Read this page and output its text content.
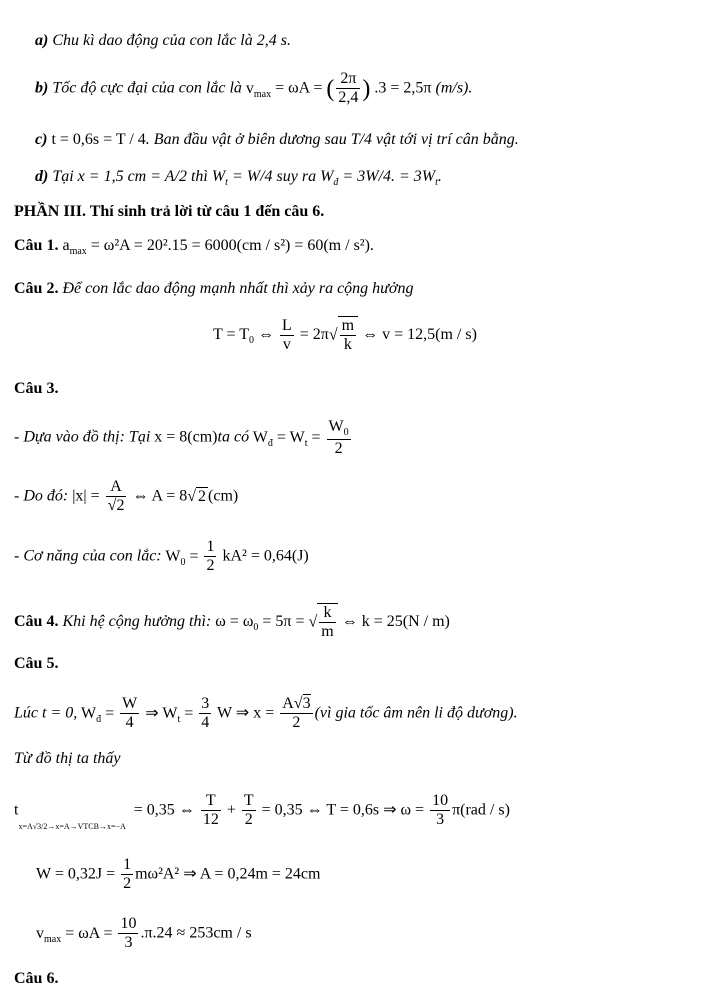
a) Chu kì dao động của con lắc là 2,4 s.
b) Tốc độ cực đại của con lắc là $v_{max} = \omega A$ = ( $\frac{2\pi}{2,4}$ ) .3 = 2,5π (m/s).
c) t = 0,6s = T / 4. Ban đầu vật ở biên dương sau T/4 vật tới vị trí cân bằng.
d) Tại x = 1,5 cm = A/2 thì $W_t = W/4$ suy ra $W_đ = 3W/4$. = $3W_t$.
PHẦN III. Thí sinh trả lời từ câu 1 đến câu 6.
Câu 1. $a_{max} = \omega^2A = 20^2.15 = 6000(cm / s^2) = 60(m / s^2)$.
Câu 2. Để con lắc dao động mạnh nhất thì xảy ra cộng hưởng
$T = T_0$ ⇔ $\frac{L}{v} = 2\pi√ \frac{m}{k}$ ⇔ v = 12,5(m / s)
Câu 3.
- Dựa vào đồ thị: Tại x = 8(cm)ta có $W_đ = W_t = \frac{W_0}{2}$
- Do đó: $|x| = \frac{A}{√2}$ ⇔ A = 8√ 2 (cm)
- Cơ năng của con lắc: $W_0 = \frac{1}{2} kA^2 = 0,64(J)$
Câu 4. Khi hệ cộng hưởng thì: $\omega = \omega_0 = 5\pi$ = √ $\frac{k}{m}$ ⇔ k = 25(N / m)
Câu 5.
Lúc t = 0, $W_đ = \frac{W}{4}$ ⇒ $W_t = \frac{3}{4}$ W ⇒ $x = \frac{A√3}{2}$ (vì gia tốc âm nên li độ dương).
Từ đồ thị ta thấy
tx=A√3/2→x=A→VTCB→x=−A = 0,35 ⇔ $\frac{T}{12} + \frac{T}{2} = 0,35$ ⇔ T = 0,6s ⇒ $\omega = \frac{10}{3} \pi(rad / s)$
$W = 0,32J = \frac{1}{2} m\omega^2A^2$ ⇒ A = 0,24m = 24cm
$v_{max} = \omega A = \frac{10}{3} .\pi.24 \approx 253cm / s$
Câu 6.
